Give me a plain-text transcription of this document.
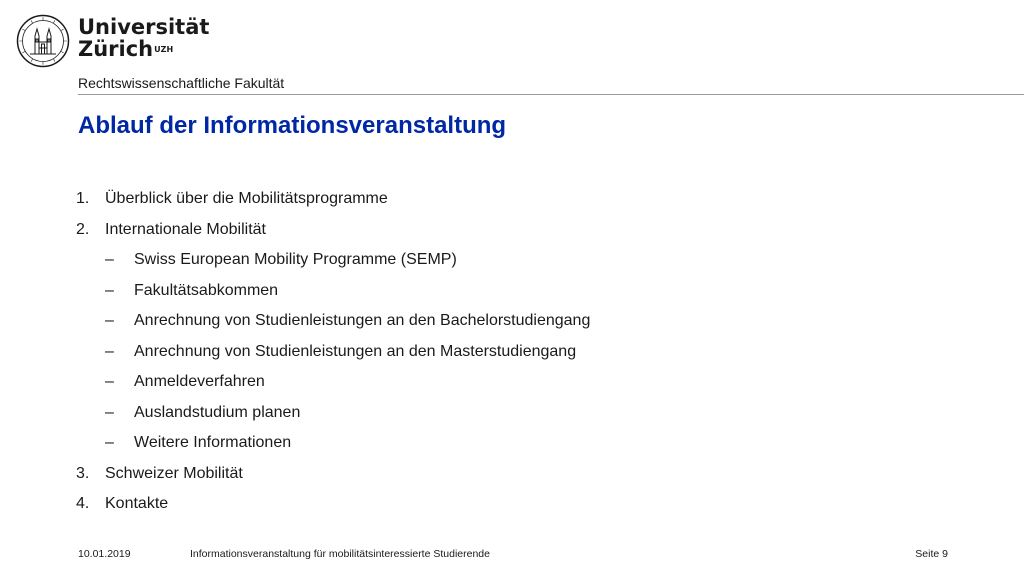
Universität
Zürich$^{UZH}$
Rechtswissenschaftliche Fakultät
Ablauf der Informationsveranstaltung
1. Überblick über die Mobilitätsprogramme
2. Internationale Mobilität
– Swiss European Mobility Programme (SEMP)
– Fakultätsabkommen
– Anrechnung von Studienleistungen an den Bachelorstudiengang
– Anrechnung von Studienleistungen an den Masterstudiengang
– Anmeldeverfahren
– Auslandstudium planen
– Weitere Informationen
3. Schweizer Mobilität
4. Kontakte
10.01.2019	Informationsveranstaltung für mobilitätsinteressierte Studierende	Seite 9
